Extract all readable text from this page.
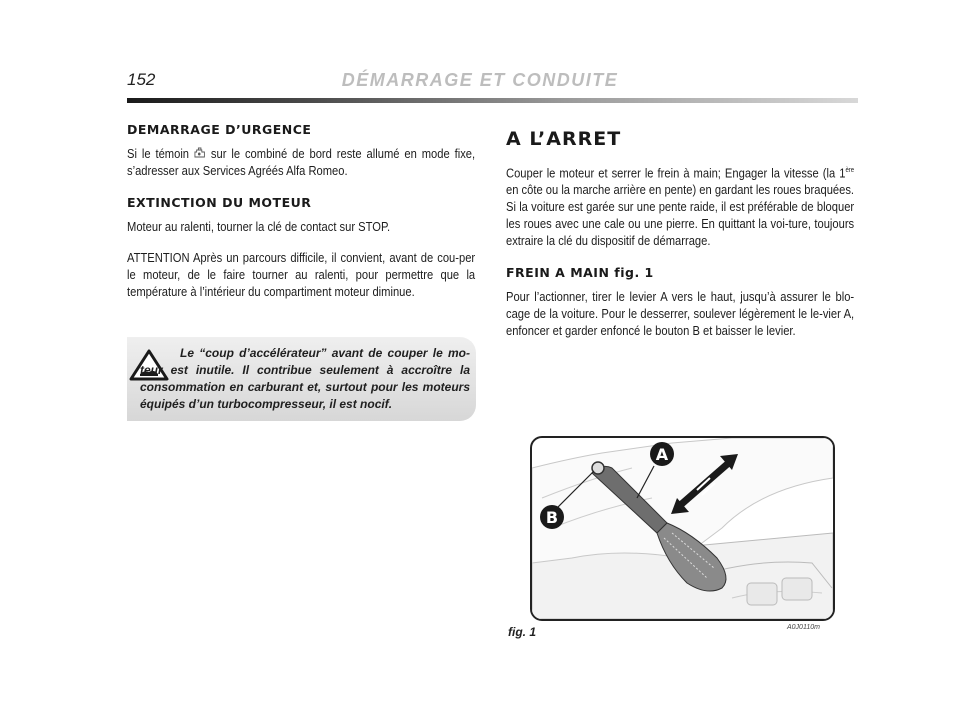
152	DÉMARRAGE ET CONDUITE
DEMARRAGE D’URGENCE

Si le témoin sur le combiné de bord reste allumé en mode fixe, s’adresser aux Services Agréés Alfa Romeo.

EXTINCTION DU MOTEUR

Moteur au ralenti, tourner la clé de contact sur STOP.

ATTENTION Après un parcours difficile, il convient, avant de cou-per le moteur, de le faire tourner au ralenti, pour permettre que la température à l’intérieur du compartiment moteur diminue.

Le “coup d’accélérateur” avant de couper le mo-teur est inutile. Il contribue seulement à accroître la consommation en carburant et, surtout pour les moteurs équipés d’un turbocompresseur, il est nocif.
A L’ARRET

Couper le moteur et serrer le frein à main; Engager la vitesse (la 1ère en côte ou la marche arrière en pente) en gardant les roues braquées.

Si la voiture est garée sur une pente raide, il est préférable de bloquer les roues avec une cale ou une pierre. En quittant la voi-ture, toujours extraire la clé du dispositif de démarrage.

FREIN A MAIN fig. 1

Pour l’actionner, tirer le levier A vers le haut, jusqu’à assurer le blo-cage de la voiture. Pour le desserrer, soulever légèrement le le-vier A, enfoncer et garder enfoncé le bouton B et baisser le levier.

A
B
fig. 1	A0J0110m
